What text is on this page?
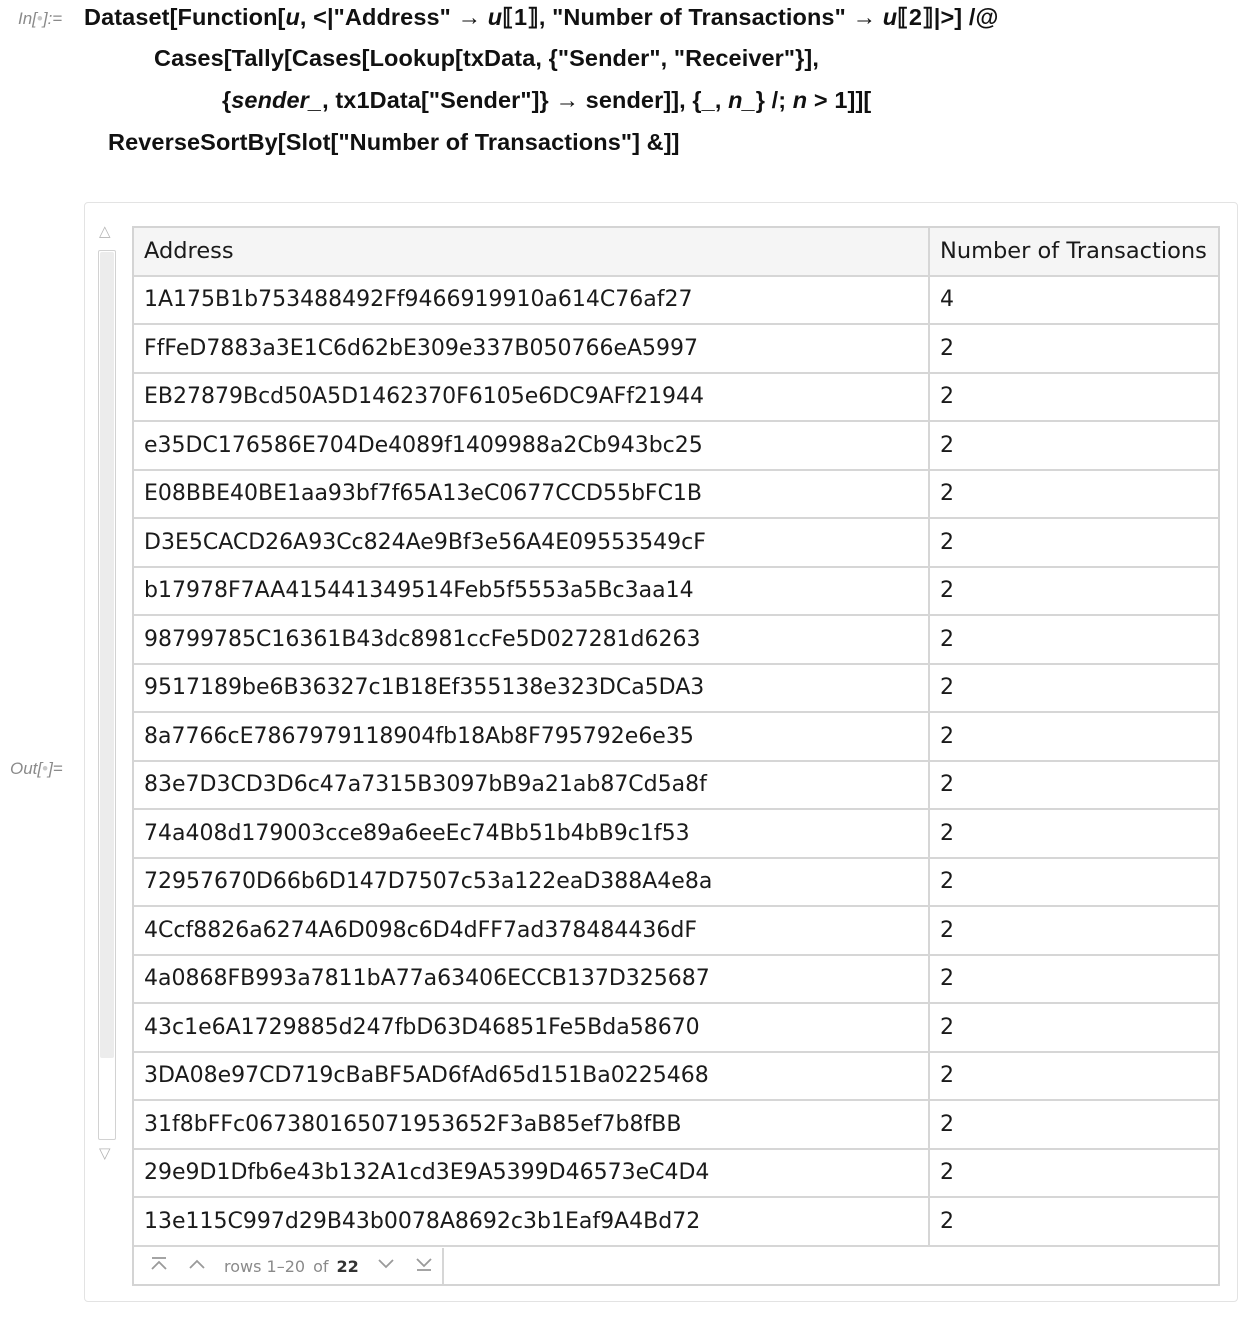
In[•]:= Dataset[Function[u, <|"Address" → u⟦1⟧, "Number of Transactions" → u⟦2⟧|>] /@
Cases[Tally[Cases[Lookup[txData, {"Sender", "Receiver"}],
{sender_, tx1Data["Sender"]} → sender]], {_, n_} /; n > 1]][
ReverseSortBy[Slot["Number of Transactions"] &]]
Out[•]=
△
▽
Address	Number of Transactions
1A175B1b753488492Ff9466919910a614C76af27	4
FfFeD7883a3E1C6d62bE309e337B050766eA5997	2
EB27879Bcd50A5D1462370F6105e6DC9AFf21944	2
e35DC176586E704De4089f1409988a2Cb943bc25	2
E08BBE40BE1aa93bf7f65A13eC0677CCD55bFC1B	2
D3E5CACD26A93Cc824Ae9Bf3e56A4E09553549cF	2
b17978F7AA415441349514Feb5f5553a5Bc3aa14	2
98799785C16361B43dc8981ccFe5D027281d6263	2
9517189be6B36327c1B18Ef355138e323DCa5DA3	2
8a7766cE7867979118904fb18Ab8F795792e6e35	2
83e7D3CD3D6c47a7315B3097bB9a21ab87Cd5a8f	2
74a408d179003cce89a6eeEc74Bb51b4bB9c1f53	2
72957670D66b6D147D7507c53a122eaD388A4e8a	2
4Ccf8826a6274A6D098c6D4dFF7ad378484436dF	2
4a0868FB993a7811bA77a63406ECCB137D325687	2
43c1e6A1729885d247fbD63D46851Fe5Bda58670	2
3DA08e97CD719cBaBF5AD6fAd65d151Ba0225468	2
31f8bFFc067380165071953652F3aB85ef7b8fBB	2
29e9D1Dfb6e43b132A1cd3E9A5399D46573eC4D4	2
13e115C997d29B43b0078A8692c3b1Eaf9A4Bd72	2
rows 1–20 of 22
